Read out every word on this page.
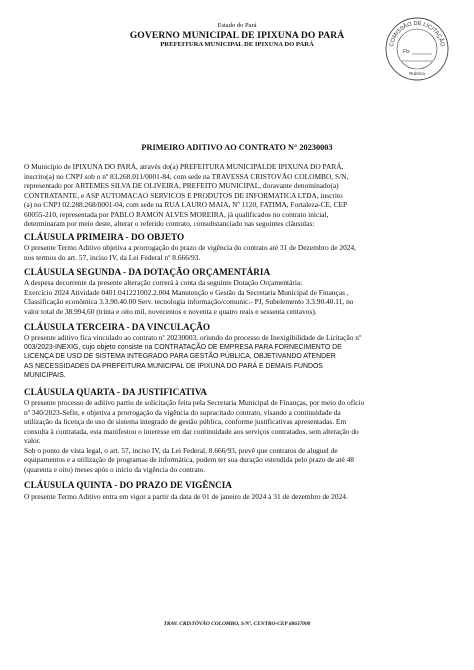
Estado do Pará
GOVERNO MUNICIPAL DE IPIXUNA DO PARÁ
PREFEITURA MUNICIPAL DE IPIXUNA DO PARÁ	COMISSÃO DE LICITAÇÃO
Fls
Rubrica
PRIMEIRO ADITIVO AO CONTRATO N° 20230003
O Município de IPIXUNA DO PARÁ, através do(a) PREFEITURA MUNICIPALDE IPIXUNA DO PARÁ,
inscrito(a) no CNPJ sob o nº 83.268.011/0001-84, com sede na TRAVESSA CRISTOVÃO COLOMBO, S/N,
representado por ARTEMES SILVA DE OLIVEIRA, PREFEITO MUNICIPAL, doravante denominado(a)
CONTRATANTE, e ASP AUTOMACAO SERVICOS E PRODUTOS DE INFORMATICA LTDA, inscrito
(a) no CNPJ 02.288.268/0001-04, com sede na RUA LAURO MAIA, Nº 1120, FATIMA, Fortaleza-CE, CEP
60055-210, representada por PABLO RAMON ALVES MOREIRA, já qualificados no contrato inicial,
determinaram por meio deste, alterar o referido contrato, consubstanciado nas seguintes cláusulas:
CLÁUSULA PRIMEIRA - DO OBJETO
O presente Termo Aditivo objetiva a prorrogação do prazo de vigência do contrato até 31 de Dezembro de 2024,
nos termos do art. 57, inciso IV, da Lei Federal nº 8.666/93.
CLÁUSULA SEGUNDA - DA DOTAÇÃO ORÇAMENTÁRIA
A despesa decorrente da presente alteração correrá à conta da seguinte Dotação Orçamentária:
Exercício 2024 Atividade 0401.041221002.2.004 Manutenção e Gestão da Secretaria Municipal de Finanças ,
Classificação econômica 3.3.90.40.00 Serv. tecnologia informação/comunic.- PJ, Subelemento 3.3.90.40.11, no
valor total de 38.994,60 (trinta e oito mil, novecentos e noventa e quatro reais e sessenta centavos).
CLÁUSULA TERCEIRA - DA VINCULAÇÃO
O presente aditivo fica vinculado ao contrato nº 20230003, oriundo do processo de Inexigibilidade de Licitação nº
003/2023-INEXIG, cujo objeto consiste na CONTRATAÇÃO DE EMPRESA PARA FORNECIMENTO DE
LICENÇA DE USO DE SISTEMA INTEGRADO PARA GESTÃO PÚBLICA, OBJETIVANDO ATENDER
AS NECESSIDADES DA PREFEITURA MUNICIPAL DE IPIXUNA DO PARÁ E DEMAIS FUNDOS
MUNICIPAIS.
CLÁUSULA QUARTA - DA JUSTIFICATIVA
O presente processo de aditivo partiu de solicitação feita pela Secretaria Municipal de Finanças, por meio do ofício
nº 340/2023-Sefin, e objetiva a prorrogação da vigência do supracitado contrato, visando a continuidade da
utilização da licença de uso de sistema integrado de gestão pública, conforme justificativas apresentadas. Em
consulta à contratada, esta manifestou o interesse em dar continuidade aos serviços contratados, sem alteração do
valor.
Sob o ponto de vista legal, o art. 57, inciso IV, da Lei Federal, 8.666/93, prevê que contratos de aluguel de
equipamentos e a utilização de programas de informática, podem ter sua duração estendida pelo prazo de até 48
(quarenta e oito) meses após o início da vigência do contrato.
CLÁUSULA QUINTA - DO PRAZO DE VIGÊNCIA
O presente Termo Aditivo entra em vigor a partir da data de 01 de janeiro de 2024 à 31 de dezembro de 2024.
TRAV. CRISTÓVÃO COLOMBO, S/Nº, CENTRO-CEP 68637000
